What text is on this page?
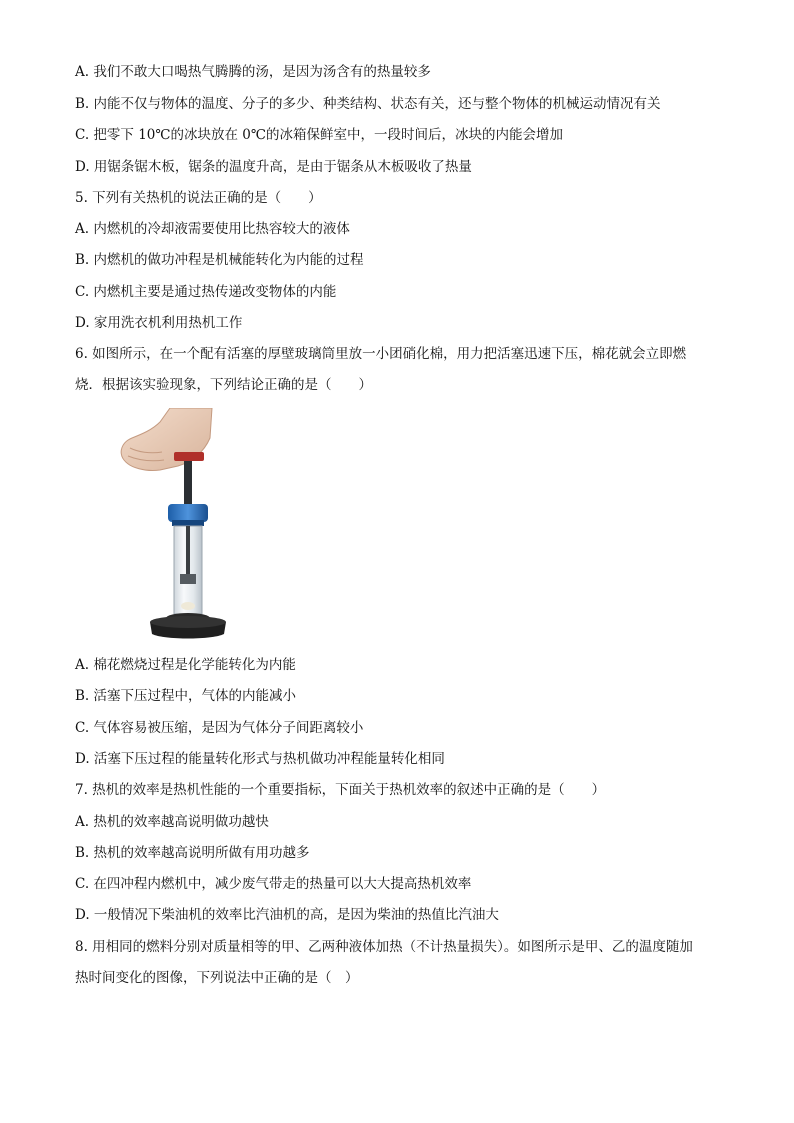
A. 我们不敢大口喝热气腾腾的汤，是因为汤含有的热量较多
B. 内能不仅与物体的温度、分子的多少、种类结构、状态有关，还与整个物体的机械运动情况有关
C. 把零下 10℃的冰块放在 0℃的冰箱保鲜室中，一段时间后，冰块的内能会增加
D. 用锯条锯木板，锯条的温度升高，是由于锯条从木板吸收了热量
5. 下列有关热机的说法正确的是（　　）
A. 内燃机的冷却液需要使用比热容较大的液体
B. 内燃机的做功冲程是机械能转化为内能的过程
C. 内燃机主要是通过热传递改变物体的内能
D. 家用洗衣机利用热机工作
6. 如图所示，在一个配有活塞的厚壁玻璃筒里放一小团硝化棉，用力把活塞迅速下压，棉花就会立即燃
烧．根据该实验现象，下列结论正确的是（　　）
A. 棉花燃烧过程是化学能转化为内能
B. 活塞下压过程中，气体的内能减小
C. 气体容易被压缩，是因为气体分子间距离较小
D. 活塞下压过程的能量转化形式与热机做功冲程能量转化相同
7. 热机的效率是热机性能的一个重要指标，下面关于热机效率的叙述中正确的是（　　）
A. 热机的效率越高说明做功越快
B. 热机的效率越高说明所做有用功越多
C. 在四冲程内燃机中，减少废气带走的热量可以大大提高热机效率
D. 一般情况下柴油机的效率比汽油机的高，是因为柴油的热值比汽油大
8. 用相同的燃料分别对质量相等的甲、乙两种液体加热（不计热量损失）。如图所示是甲、乙的温度随加
热时间变化的图像，下列说法中正确的是（　）
